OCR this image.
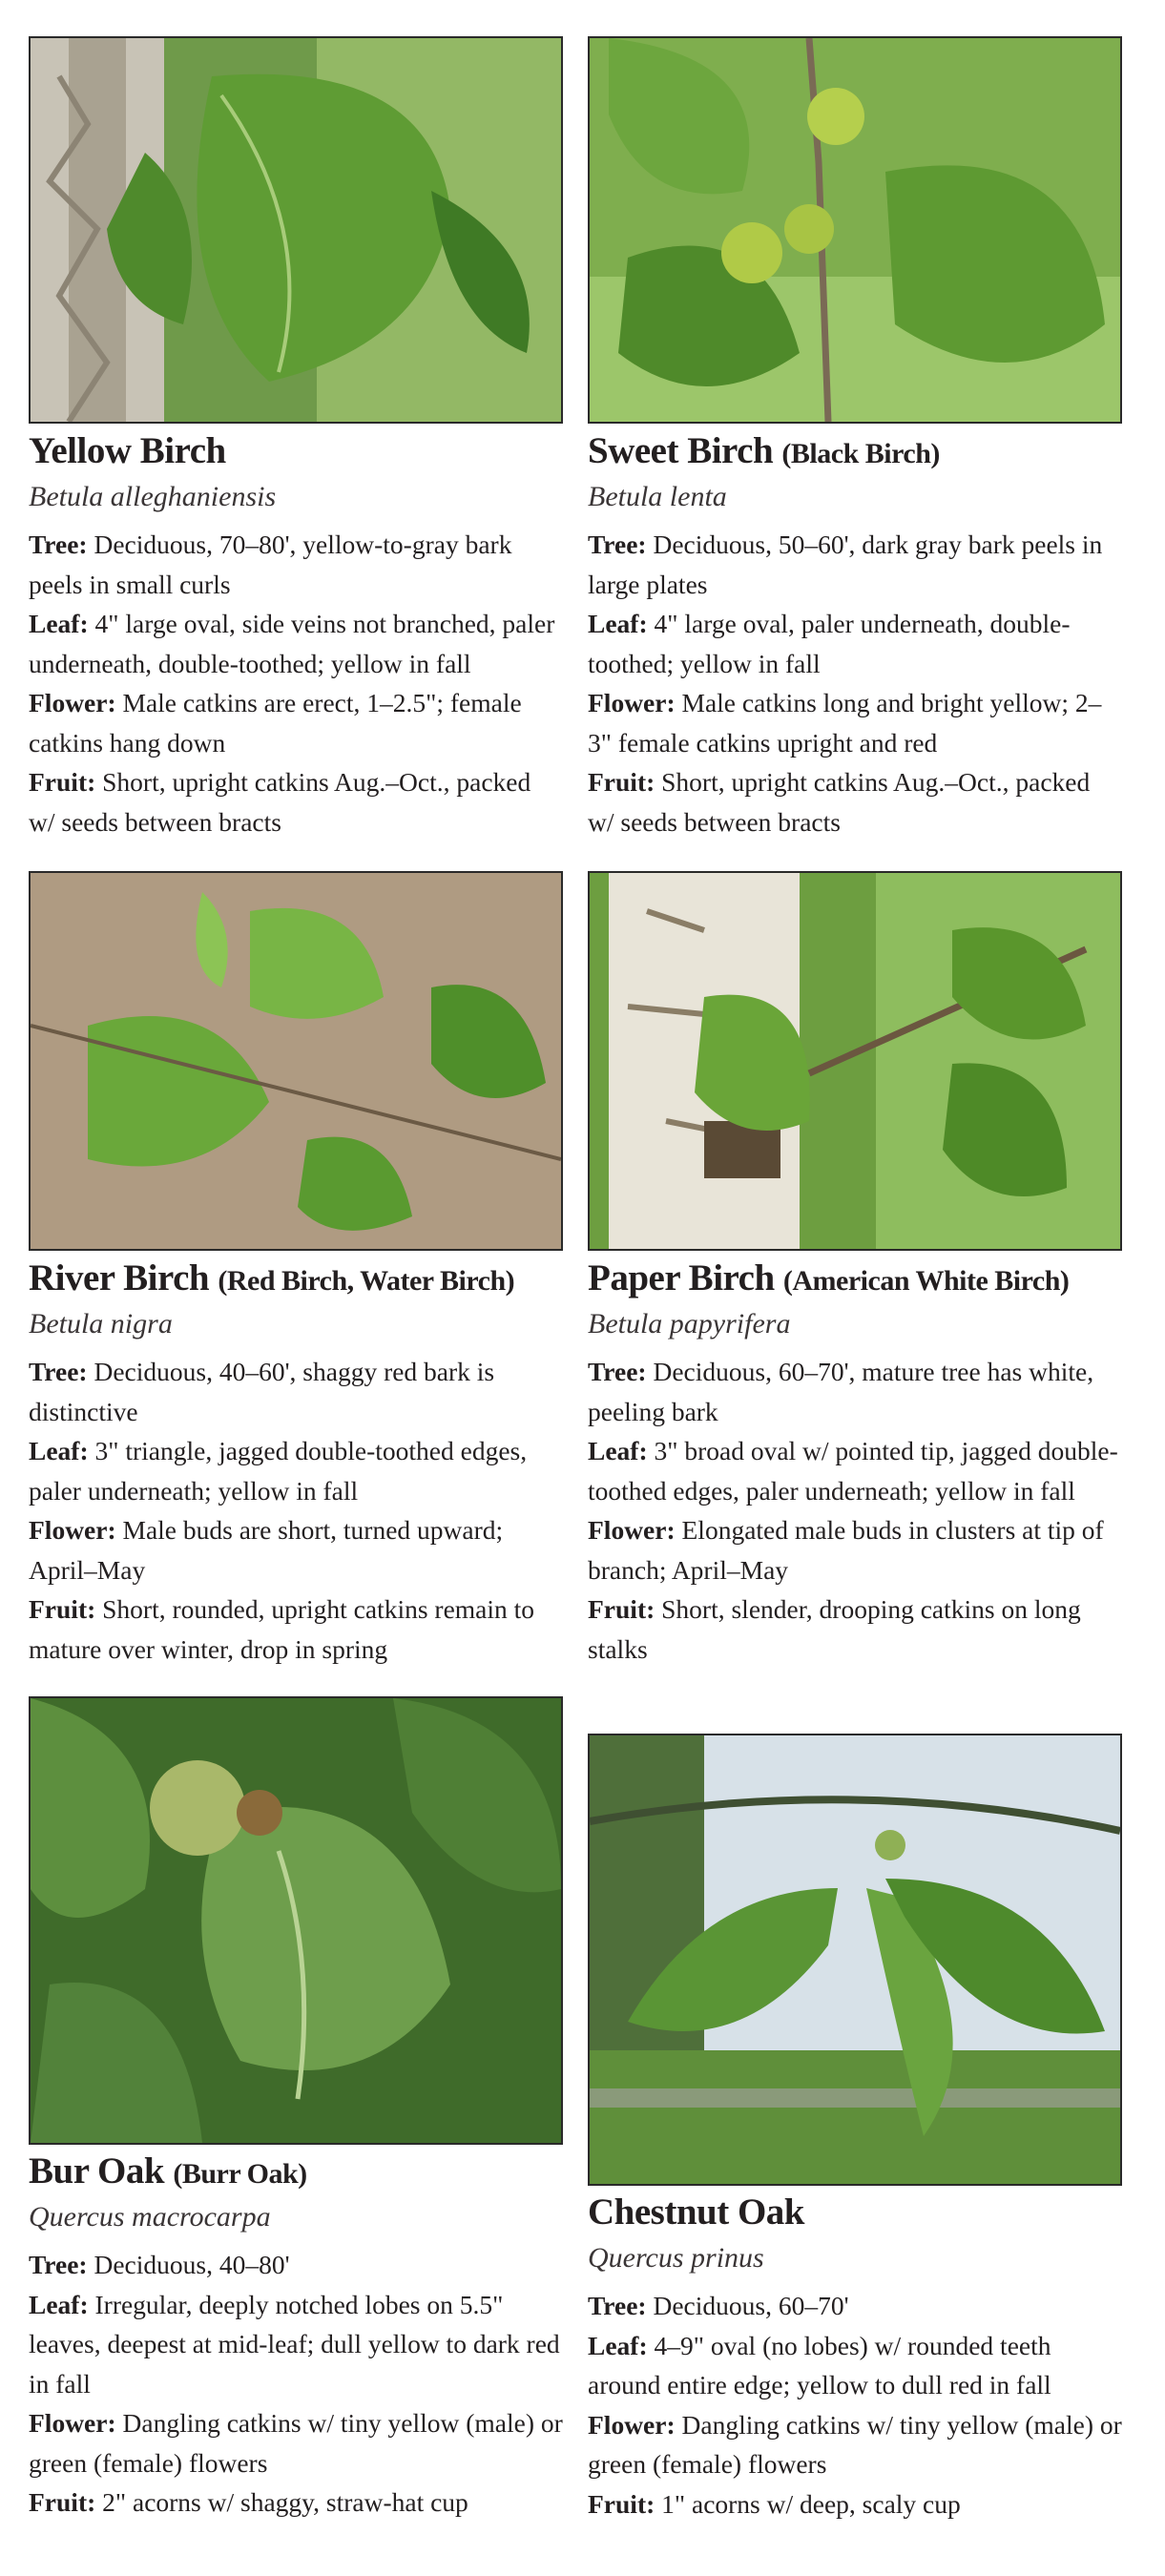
Yellow Birch
Betula alleghaniensis

Tree: Deciduous, 70–80', yellow-to-gray bark peels in small curls

Leaf: 4" large oval, side veins not branched, paler underneath, double-toothed; yellow in fall

Flower: Male catkins are erect, 1–2.5"; female catkins hang down

Fruit: Short, upright catkins Aug.–Oct., packed w/ seeds between bracts

Sweet Birch (Black Birch)
Betula lenta

Tree: Deciduous, 50–60', dark gray bark peels in large plates

Leaf: 4" large oval, paler underneath, double-toothed; yellow in fall

Flower: Male catkins long and bright yellow; 2–3" female catkins upright and red

Fruit: Short, upright catkins Aug.–Oct., packed w/ seeds between bracts

River Birch (Red Birch, Water Birch)
Betula nigra

Tree: Deciduous, 40–60', shaggy red bark is distinctive

Leaf: 3" triangle, jagged double-toothed edges, paler underneath; yellow in fall

Flower: Male buds are short, turned upward; April–May

Fruit: Short, rounded, upright catkins remain to mature over winter, drop in spring

Paper Birch (American White Birch)
Betula papyrifera

Tree: Deciduous, 60–70', mature tree has white, peeling bark

Leaf: 3" broad oval w/ pointed tip, jagged double-toothed edges, paler underneath; yellow in fall

Flower: Elongated male buds in clusters at tip of branch; April–May

Fruit: Short, slender, drooping catkins on long stalks

Bur Oak (Burr Oak)
Quercus macrocarpa

Tree: Deciduous, 40–80'

Leaf: Irregular, deeply notched lobes on 5.5" leaves, deepest at mid-leaf; dull yellow to dark red in fall

Flower: Dangling catkins w/ tiny yellow (male) or green (female) flowers

Fruit: 2" acorns w/ shaggy, straw-hat cup

Chestnut Oak
Quercus prinus

Tree: Deciduous, 60–70'

Leaf: 4–9" oval (no lobes) w/ rounded teeth around entire edge; yellow to dull red in fall

Flower: Dangling catkins w/ tiny yellow (male) or green (female) flowers

Fruit: 1" acorns w/ deep, scaly cup
